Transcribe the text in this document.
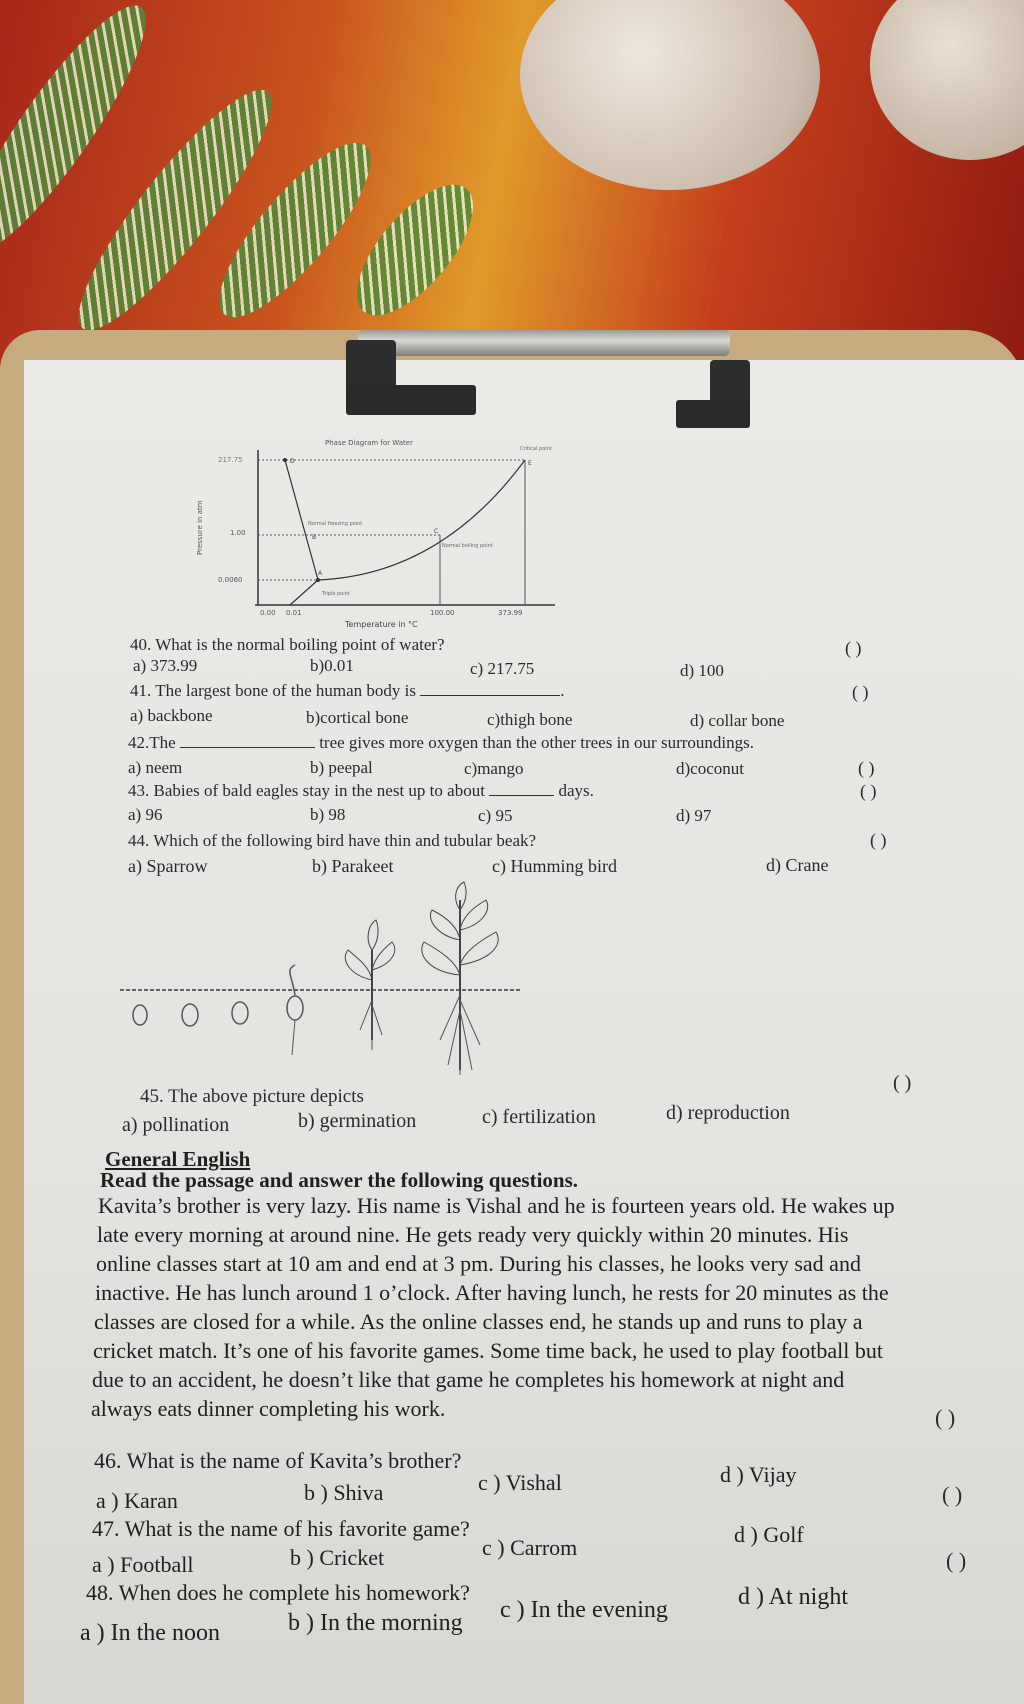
Phase Diagram for Water
Pressure in atm
217.75
1.00
0.0060
D
B
A
C
E
Normal freezing point
Normal boiling point
Triple point
Critical point
0.00 0.01	100.00	373.99
Temperature in °C
40. What is the normal boiling point of water?	( )
a) 373.99	b)0.01	c) 217.75	d) 100
41. The largest bone of the human body is	.	( )
a) backbone	b)cortical bone	c)thigh bone	d) collar bone
42.The	tree gives more oxygen than the other trees in our surroundings.
a) neem	b) peepal	c)mango	d)coconut	( )
43. Babies of bald eagles stay in the nest up to about	days.	( )
a) 96	b) 98	c) 95	d) 97
44. Which of the following bird have thin and tubular beak?	( )
a) Sparrow	b) Parakeet	c) Humming bird	d) Crane
45. The above picture depicts
( )
a) pollination	b) germination	c) fertilization	d) reproduction
General English
Read the passage and answer the following questions.
Kavita’s brother is very lazy. His name is Vishal and he is fourteen years old. He wakes up
late every morning at around nine. He gets ready very quickly within 20 minutes. His
online classes start at 10 am and end at 3 pm. During his classes, he looks very sad and
inactive. He has lunch around 1 o’clock. After having lunch, he rests for 20 minutes as the
classes are closed for a while. As the online classes end, he stands up and runs to play a
cricket match. It’s one of his favorite games. Some time back, he used to play football but
due to an accident, he doesn’t like that game he completes his homework at night and
always eats dinner completing his work.
46. What is the name of Kavita’s brother?
( )
a ) Karan	b ) Shiva	c ) Vishal	d ) Vijay
47. What is the name of his favorite game?
( )
a ) Football	b ) Cricket	c ) Carrom
d ) Golf
48. When does he complete his homework?
( )
a ) In the noon	b ) In the morning c ) In the evening	d ) At night
